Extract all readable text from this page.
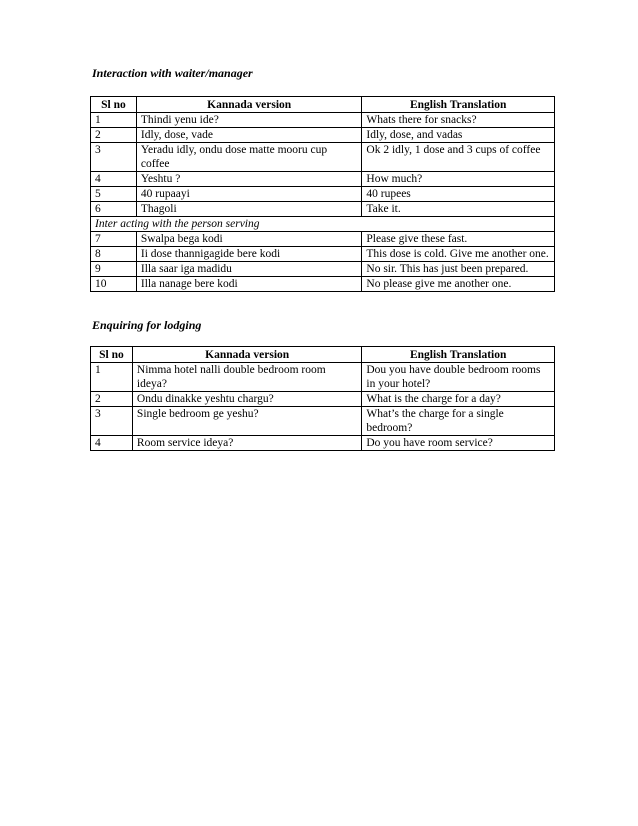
Interaction with waiter/manager
Sl no	Kannada version	English Translation
1	Thindi yenu ide?	Whats there for snacks?
2	Idly, dose, vade	Idly, dose, and vadas
3	Yeradu idly, ondu dose matte mooru cup coffee	Ok 2 idly, 1 dose and 3 cups of coffee
4	Yeshtu ?	How much?
5	40 rupaayi	40 rupees
6	Thagoli	Take it.
Inter acting with the person serving		
7	Swalpa bega kodi	Please give these fast.
8	Ii dose thannigagide bere kodi	This dose is cold. Give me another one.
9	Illa saar iga madidu	No sir. This has just been prepared.
10	Illa nanage bere kodi	No please give me another one.
Enquiring for lodging
Sl no	Kannada version	English Translation
1	Nimma hotel nalli double bedroom room ideya?	Dou you have double bedroom rooms in your hotel?
2	Ondu dinakke yeshtu chargu?	What is the charge for a day?
3	Single bedroom ge yeshu?	What’s the charge for a single bedroom?
4	Room service ideya?	Do you have room service?
